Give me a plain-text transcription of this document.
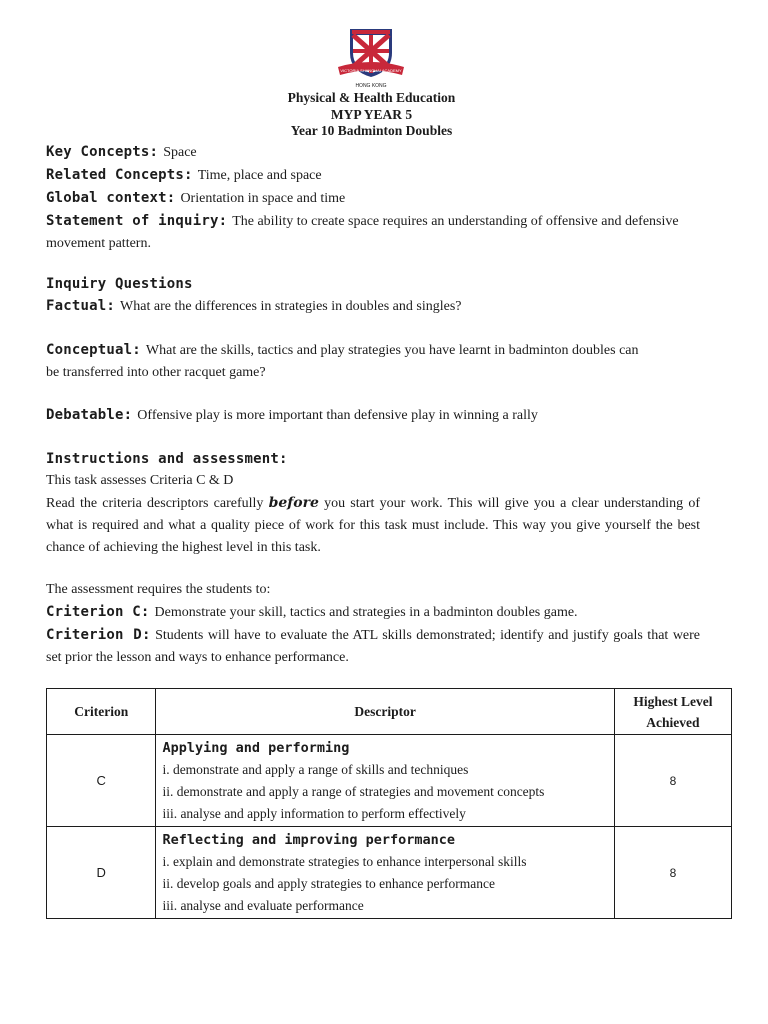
VICTORIA SHANGHAI ACADEMY
HONG KONG
Physical & Health Education
MYP YEAR 5
Year 10 Badminton Doubles
Key Concepts: Space
Related Concepts: Time, place and space
Global context: Orientation in space and time
Statement of inquiry: The ability to create space requires an understanding of offensive and defensive
movement pattern.
Inquiry Questions
Factual: What are the differences in strategies in doubles and singles?
Conceptual: What are the skills, tactics and play strategies you have learnt in badminton doubles can
be transferred into other racquet game?
Debatable: Offensive play is more important than defensive play in winning a rally
Instructions and assessment:
This task assesses Criteria C & D
Read the criteria descriptors carefully before you start your work. This will give you a clear understanding of what is required and what a quality piece of work for this task must include. This way you give yourself the best chance of achieving the highest level in this task.
The assessment requires the students to:
Criterion C: Demonstrate your skill, tactics and strategies in a badminton doubles game.
Criterion D: Students will have to evaluate the ATL skills demonstrated; identify and justify goals that were set prior the lesson and ways to enhance performance.
Criterion	Descriptor	Highest Level
Achieved

C	Applying and performing
i. demonstrate and apply a range of skills and techniques
ii. demonstrate and apply a range of strategies and movement concepts
iii. analyse and apply information to perform effectively	8
D	Reflecting and improving performance
i. explain and demonstrate strategies to enhance interpersonal skills
ii. develop goals and apply strategies to enhance performance
iii. analyse and evaluate performance	8
